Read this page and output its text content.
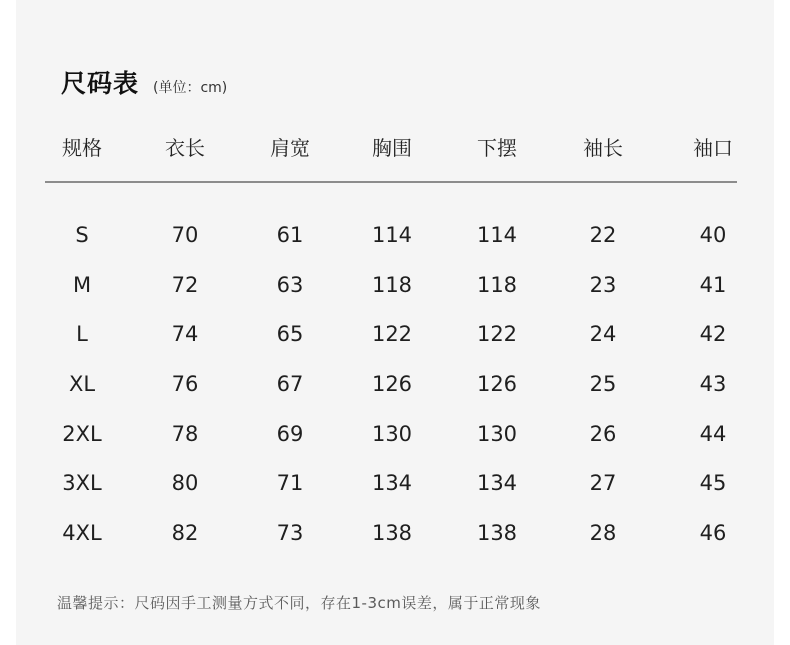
尺码表 (单位：cm)
规格	衣长	肩宽	胸围	下摆	袖长	袖口
S	70	61	114	114	22	40
M	72	63	118	118	23	41
L	74	65	122	122	24	42
XL	76	67	126	126	25	43
2XL	78	69	130	130	26	44
3XL	80	71	134	134	27	45
4XL	82	73	138	138	28	46
温馨提示：尺码因手工测量方式不同，存在1-3cm误差，属于正常现象
